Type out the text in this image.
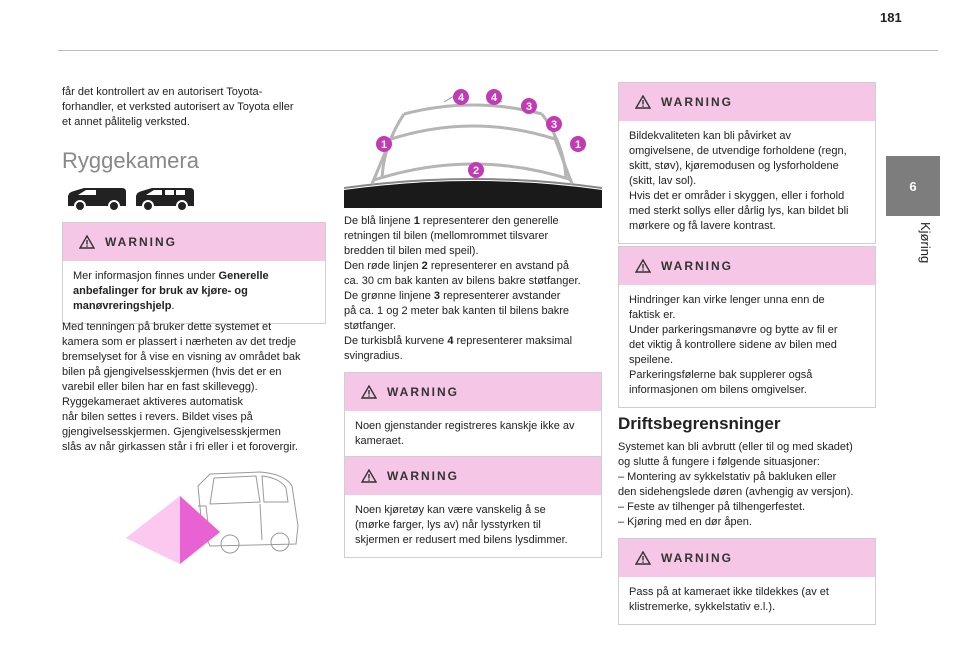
181
6
Kjøring
får det kontrollert av en autorisert Toyota-
forhandler, et verksted autorisert av Toyota eller
et annet pålitelig verksted.
Ryggekamera
WARNING
Mer informasjon finnes under Generelle anbefalinger for bruk av kjøre- og manøvreringshjelp.
Med tenningen på bruker dette systemet et
kamera som er plassert i nærheten av det tredje
bremselyset for å vise en visning av området bak
bilen på gjengivelsesskjermen (hvis det er en
varebil eller bilen har en fast skillevegg).
Ryggekameraet aktiveres automatisk
når bilen settes i revers. Bildet vises på
gjengivelsesskjermen. Gjengivelsesskjermen
slås av når girkassen står i fri eller i et forovergir.
4 4
3
3
1	1
2
De blå linjene 1 representerer den generelle
retningen til bilen (mellomrommet tilsvarer
bredden til bilen med speil).
Den røde linjen 2 representerer en avstand på
ca. 30 cm bak kanten av bilens bakre støtfanger.
De grønne linjene 3 representerer avstander
på ca. 1 og 2 meter bak kanten til bilens bakre
støtfanger.
De turkisblå kurvene 4 representerer maksimal
svingradius.
WARNING
Noen gjenstander registreres kanskje ikke av
kameraet.
WARNING
Noen kjøretøy kan være vanskelig å se
(mørke farger, lys av) når lysstyrken til
skjermen er redusert med bilens lysdimmer.
WARNING
Bildekvaliteten kan bli påvirket av
omgivelsene, de utvendige forholdene (regn,
skitt, støv), kjøremodusen og lysforholdene
(skitt, lav sol).
Hvis det er områder i skyggen, eller i forhold
med sterkt sollys eller dårlig lys, kan bildet bli
mørkere og få lavere kontrast.
WARNING
Hindringer kan virke lenger unna enn de
faktisk er.
Under parkeringsmanøvre og bytte av fil er
det viktig å kontrollere sidene av bilen med
speilene.
Parkeringsfølerne bak supplerer også
informasjonen om bilens omgivelser.
Driftsbegrensninger
Systemet kan bli avbrutt (eller til og med skadet)
og slutte å fungere i følgende situasjoner:
– Montering av sykkelstativ på bakluken eller
den sidehengslede døren (avhengig av versjon).
– Feste av tilhenger på tilhengerfestet.
– Kjøring med en dør åpen.
WARNING
Pass på at kameraet ikke tildekkes (av et
klistremerke, sykkelstativ e.l.).
